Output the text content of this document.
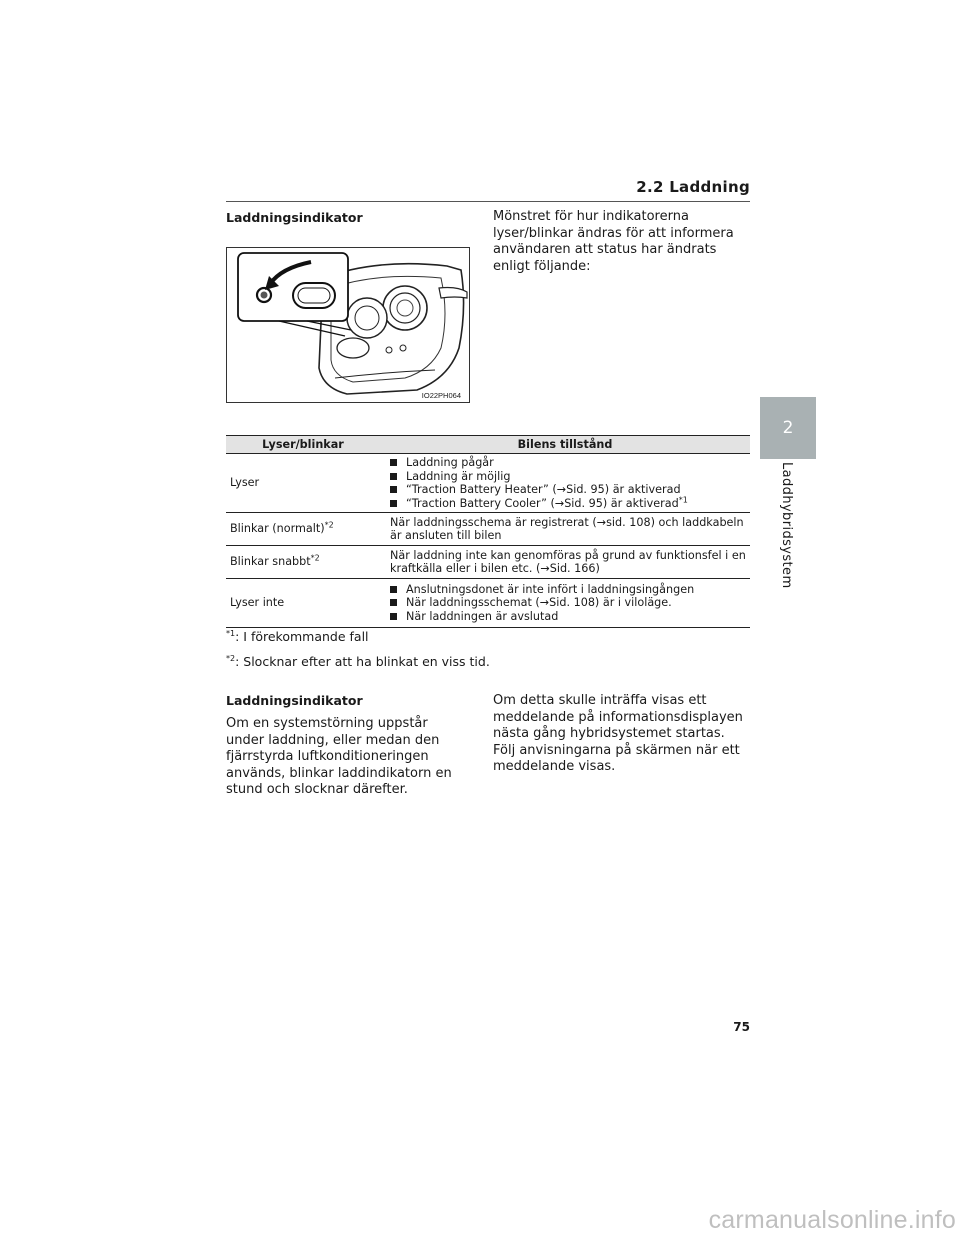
2.2 Laddning
2
Laddhybridsystem
Laddningsindikator
IO22PH064
Mönstret för hur indikatorerna lyser/blinkar ändras för att informera användaren att status har ändrats enligt följande:
Lyser/blinkar	Bilens tillstånd
Lyser	Laddning pågår
Laddning är möjlig
“Traction Battery Heater” (→Sid. 95) är aktiverad
“Traction Battery Cooler” (→Sid. 95) är aktiverad$^{*1}$

Blinkar (normalt)$^{*2}$	När laddningsschema är registrerat (→sid. 108) och laddkabeln är ansluten till bilen
Blinkar snabbt$^{*2}$	När laddning inte kan genomföras på grund av funktionsfel i en kraftkälla eller i bilen etc. (→Sid. 166)
Lyser inte	Anslutningsdonet är inte infört i laddningsingången
När laddningsschemat (→Sid. 108) är i viloläge.
När laddningen är avslutad
$^{*1}$: I förekommande fall
$^{*2}$: Slocknar efter att ha blinkat en viss tid.
Laddningsindikator
Om en systemstörning uppstår under laddning, eller medan den fjärrstyrda luftkonditioneringen används, blinkar laddindikatorn en stund och slocknar därefter.
Om detta skulle inträffa visas ett meddelande på informationsdisplayen nästa gång hybridsystemet startas. Följ anvisningarna på skärmen när ett meddelande visas.
75
carmanualsonline.info
